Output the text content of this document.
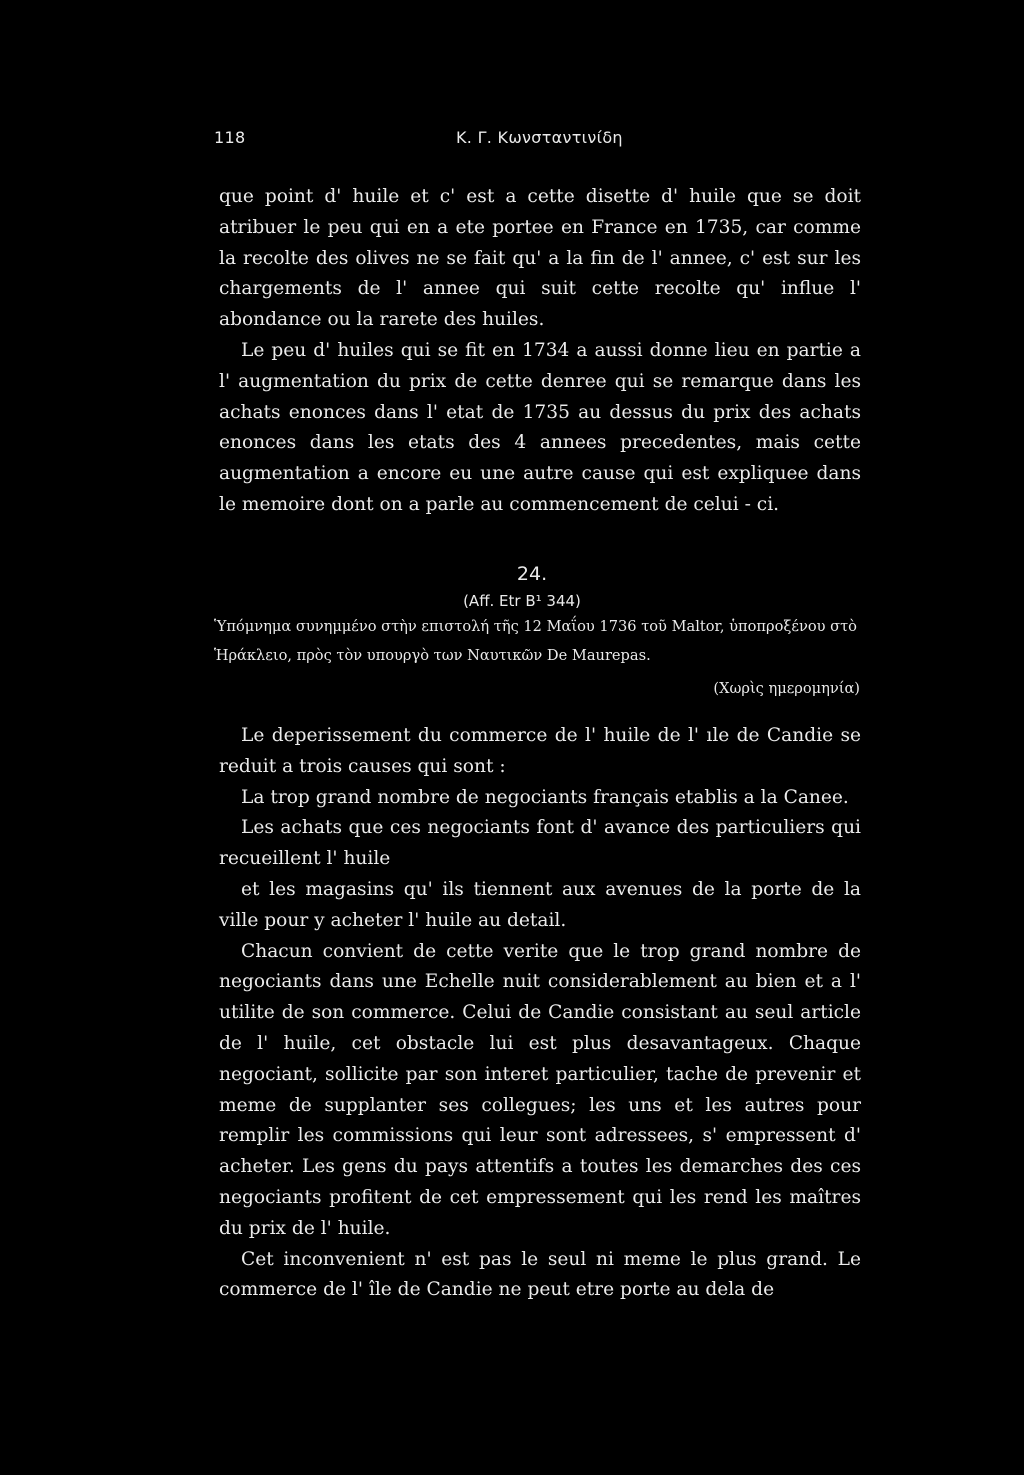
118	Κ. Γ. Κωνσταντινίδη

que point d' huile et c' est a cette disette d' huile que se doit atribuer le peu qui en a ete portee en France en 1735, car comme la recolte des olives ne se fait qu' a la fin de l' annee, c' est sur les chargements de l' annee qui suit cette recolte qu' influe l' abondance ou la rarete des huiles.

Le peu d' huiles qui se fit en 1734 a aussi donne lieu en partie a l' augmentation du prix de cette denree qui se remarque dans les achats enonces dans l' etat de 1735 au dessus du prix des achats enonces dans les etats des 4 annees precedentes, mais cette augmentation a encore eu une autre cause qui est expliquee dans le memoire dont on a parle au commencement de celui - ci.

24.
(Aff. Etr B¹ 344)
Ὑπόμνημα συνημμένο στὴν επιστολή τῆς 12 Μαΐου 1736 τοῦ Maltor, ὑποπροξένου στὸ Ἡράκλειο, πρὸς τὸν υπουργὸ των Ναυτικῶν De Maurepas.
(Χωρὶς ημερομηνία)

Le deperissement du commerce de l' huile de l' ıle de Candie se reduit a trois causes qui sont :

La trop grand nombre de negociants français etablis a la Canee.

Les achats que ces negociants font d' avance des particuliers qui recueillent l' huile

et les magasins qu' ils tiennent aux avenues de la porte de la ville pour y acheter l' huile au detail.

Chacun convient de cette verite que le trop grand nombre de negociants dans une Echelle nuit considerablement au bien et a l' utilite de son commerce. Celui de Candie consistant au seul article de l' huile, cet obstacle lui est plus desavantageux. Chaque negociant, sollicite par son interet particulier, tache de prevenir et meme de supplanter ses collegues; les uns et les autres pour remplir les commissions qui leur sont adressees, s' empressent d' acheter. Les gens du pays attentifs a toutes les demarches des ces negociants profitent de cet empressement qui les rend les maîtres du prix de l' huile.

Cet inconvenient n' est pas le seul ni meme le plus grand. Le commerce de l' île de Candie ne peut etre porte au dela de
